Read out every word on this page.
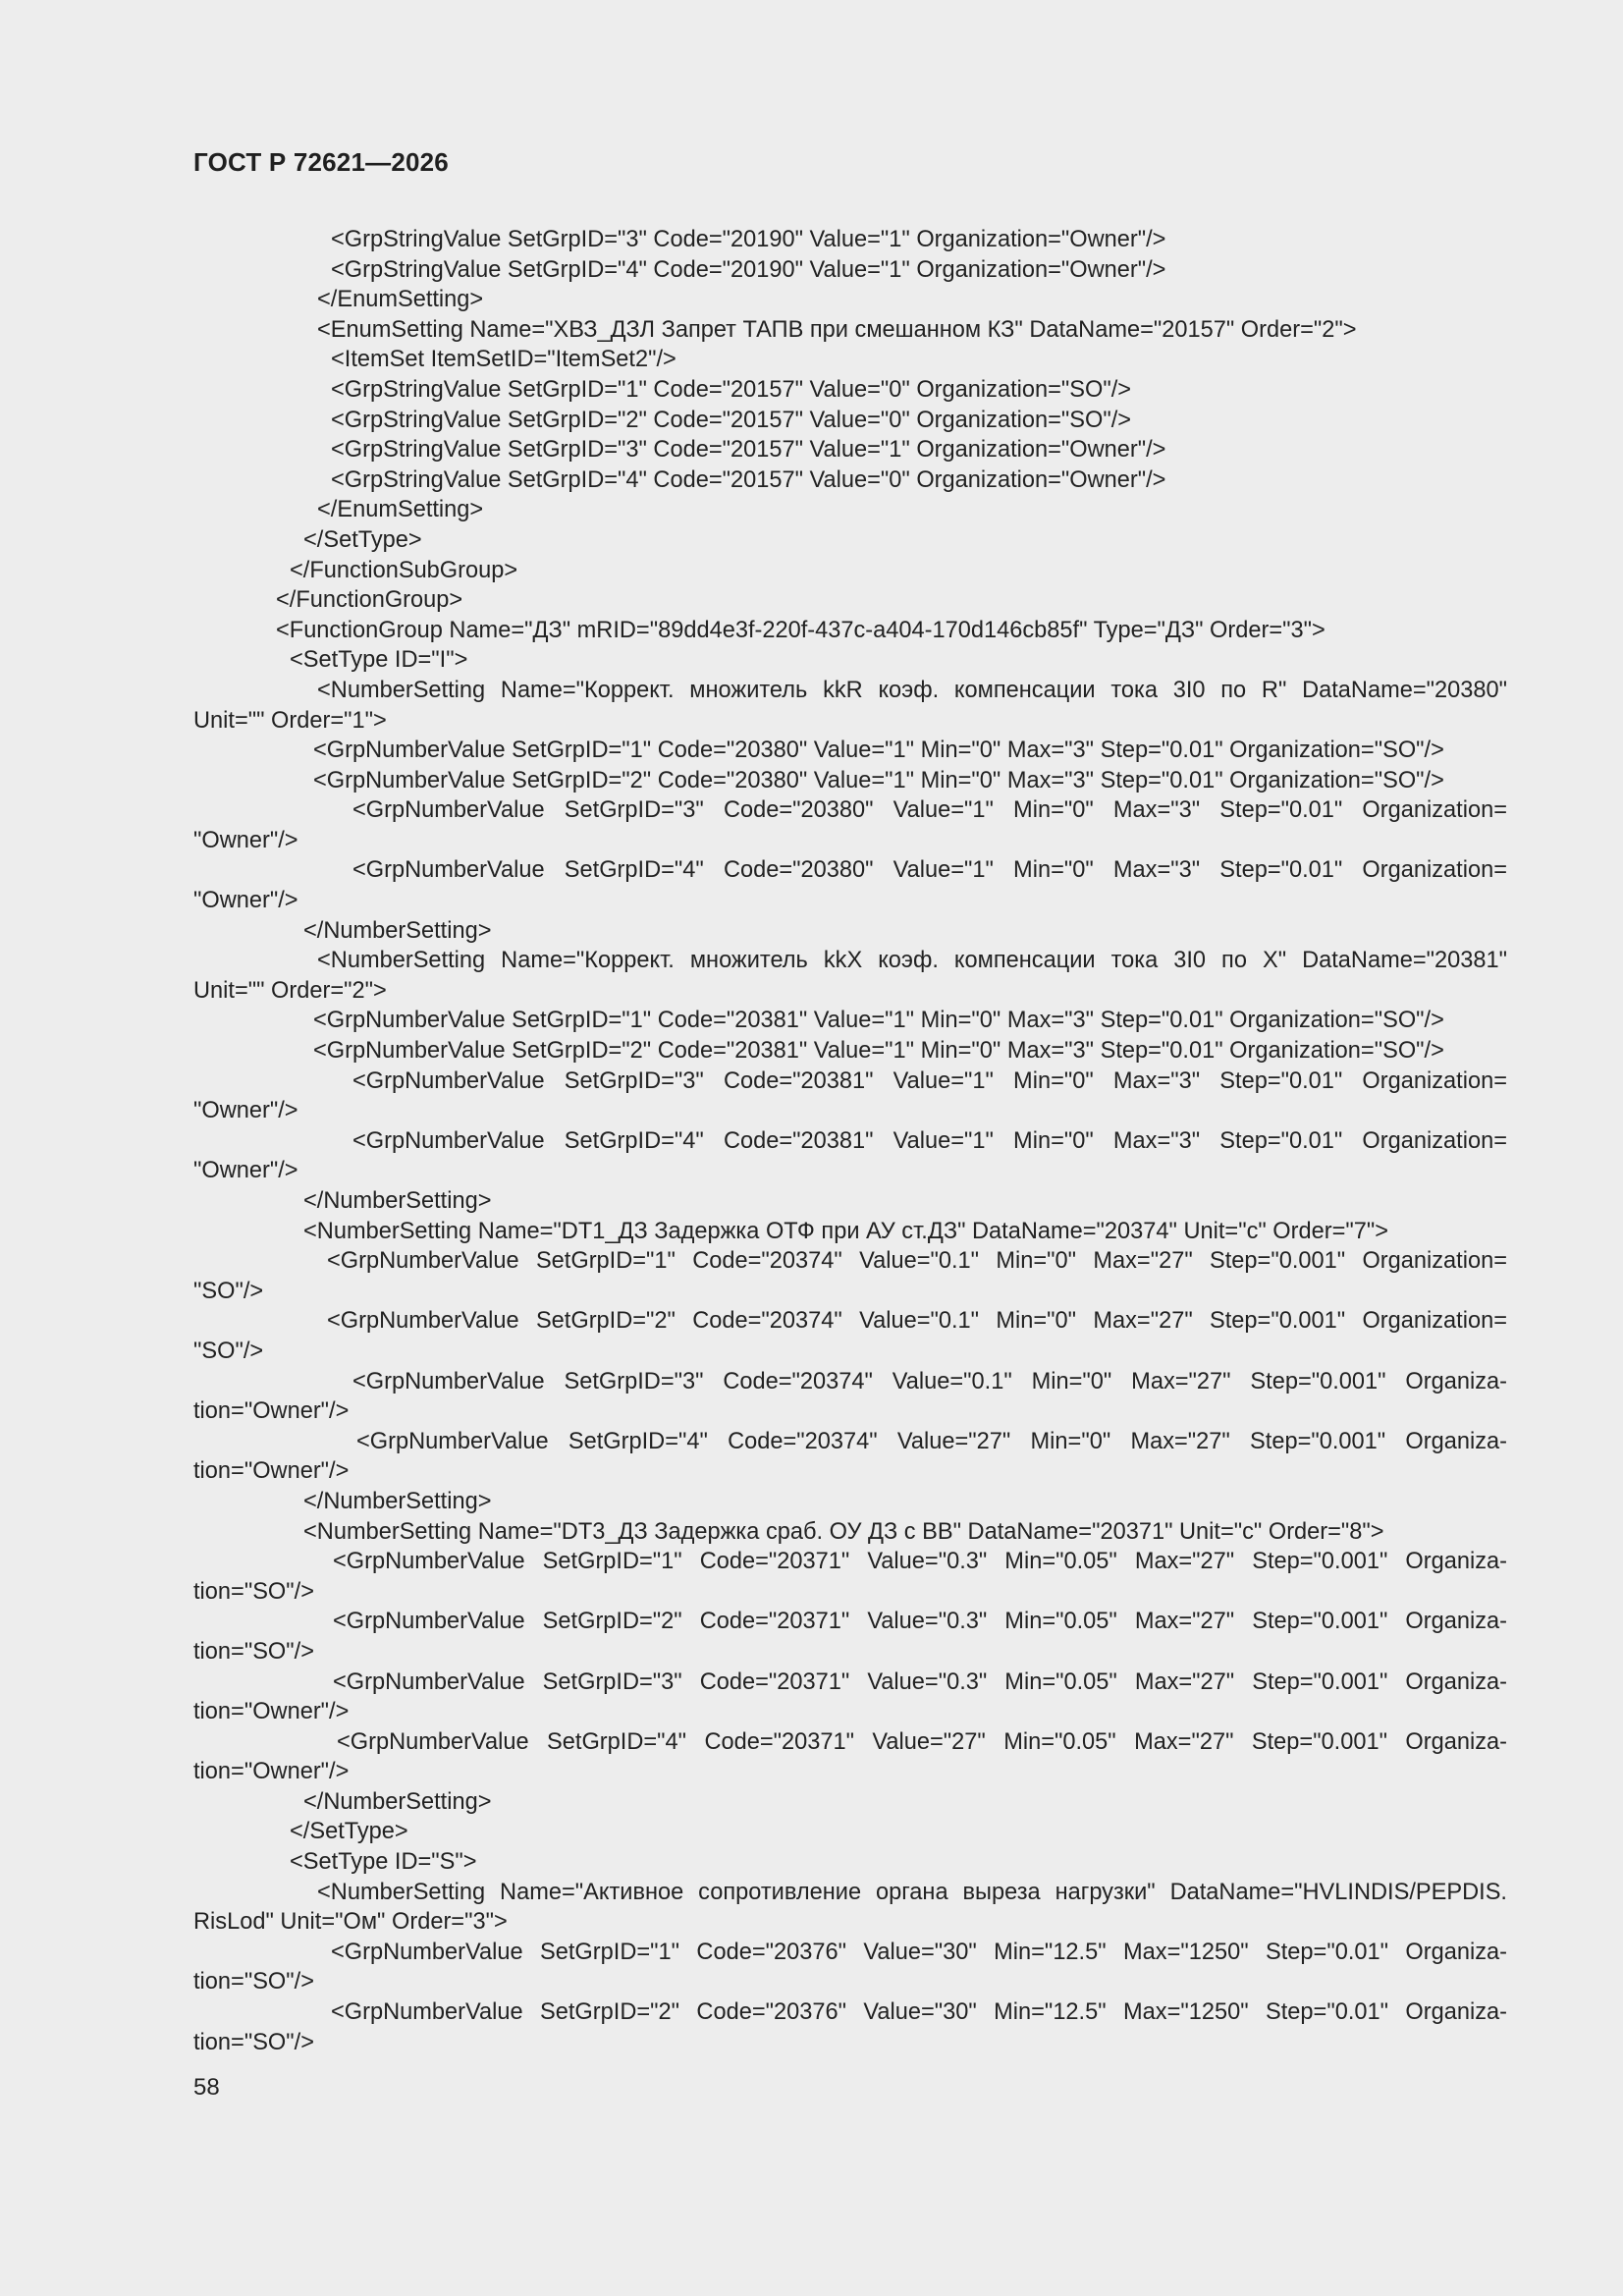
ГОСТ Р 72621—2026
<GrpStringValue SetGrpID="3" Code="20190" Value="1" Organization="Owner"/>
<GrpStringValue SetGrpID="4" Code="20190" Value="1" Organization="Owner"/>
</EnumSetting>
<EnumSetting Name="ХВЗ_ДЗЛ Запрет ТАПВ при смешанном КЗ" DataName="20157" Order="2">
<ItemSet ItemSetID="ItemSet2"/>
<GrpStringValue SetGrpID="1" Code="20157" Value="0" Organization="SO"/>
<GrpStringValue SetGrpID="2" Code="20157" Value="0" Organization="SO"/>
<GrpStringValue SetGrpID="3" Code="20157" Value="1" Organization="Owner"/>
<GrpStringValue SetGrpID="4" Code="20157" Value="0" Organization="Owner"/>
</EnumSetting>
</SetType>
</FunctionSubGroup>
</FunctionGroup>
<FunctionGroup Name="ДЗ" mRID="89dd4e3f-220f-437c-a404-170d146cb85f" Type="ДЗ" Order="3">
<SetType ID="I">
<NumberSetting Name="Коррект. множитель kkR коэф. компенсации тока 3I0 по R" DataName="20380"
Unit="" Order="1">
<GrpNumberValue SetGrpID="1" Code="20380" Value="1" Min="0" Max="3" Step="0.01" Organization="SO"/>
<GrpNumberValue SetGrpID="2" Code="20380" Value="1" Min="0" Max="3" Step="0.01" Organization="SO"/>
<GrpNumberValue SetGrpID="3" Code="20380" Value="1" Min="0" Max="3" Step="0.01" Organization=
"Owner"/>
<GrpNumberValue SetGrpID="4" Code="20380" Value="1" Min="0" Max="3" Step="0.01" Organization=
"Owner"/>
</NumberSetting>
<NumberSetting Name="Коррект. множитель kkX коэф. компенсации тока 3I0 по X" DataName="20381"
Unit="" Order="2">
<GrpNumberValue SetGrpID="1" Code="20381" Value="1" Min="0" Max="3" Step="0.01" Organization="SO"/>
<GrpNumberValue SetGrpID="2" Code="20381" Value="1" Min="0" Max="3" Step="0.01" Organization="SO"/>
<GrpNumberValue SetGrpID="3" Code="20381" Value="1" Min="0" Max="3" Step="0.01" Organization=
"Owner"/>
<GrpNumberValue SetGrpID="4" Code="20381" Value="1" Min="0" Max="3" Step="0.01" Organization=
"Owner"/>
</NumberSetting>
<NumberSetting Name="DT1_ДЗ Задержка ОТФ при АУ ст.ДЗ" DataName="20374" Unit="с" Order="7">
<GrpNumberValue SetGrpID="1" Code="20374" Value="0.1" Min="0" Max="27" Step="0.001" Organization=
"SO"/>
<GrpNumberValue SetGrpID="2" Code="20374" Value="0.1" Min="0" Max="27" Step="0.001" Organization=
"SO"/>
<GrpNumberValue SetGrpID="3" Code="20374" Value="0.1" Min="0" Max="27" Step="0.001" Organiza-
tion="Owner"/>
<GrpNumberValue SetGrpID="4" Code="20374" Value="27" Min="0" Max="27" Step="0.001" Organiza-
tion="Owner"/>
</NumberSetting>
<NumberSetting Name="DT3_ДЗ Задержка сраб. ОУ ДЗ с ВВ" DataName="20371" Unit="с" Order="8">
<GrpNumberValue SetGrpID="1" Code="20371" Value="0.3" Min="0.05" Max="27" Step="0.001" Organiza-
tion="SO"/>
<GrpNumberValue SetGrpID="2" Code="20371" Value="0.3" Min="0.05" Max="27" Step="0.001" Organiza-
tion="SO"/>
<GrpNumberValue SetGrpID="3" Code="20371" Value="0.3" Min="0.05" Max="27" Step="0.001" Organiza-
tion="Owner"/>
<GrpNumberValue SetGrpID="4" Code="20371" Value="27" Min="0.05" Max="27" Step="0.001" Organiza-
tion="Owner"/>
</NumberSetting>
</SetType>
<SetType ID="S">
<NumberSetting Name="Активное сопротивление органа выреза нагрузки" DataName="HVLINDIS/PEPDIS.
RisLod" Unit="Ом" Order="3">
<GrpNumberValue SetGrpID="1" Code="20376" Value="30" Min="12.5" Max="1250" Step="0.01" Organiza-
tion="SO"/>
<GrpNumberValue SetGrpID="2" Code="20376" Value="30" Min="12.5" Max="1250" Step="0.01" Organiza-
tion="SO"/>
58
